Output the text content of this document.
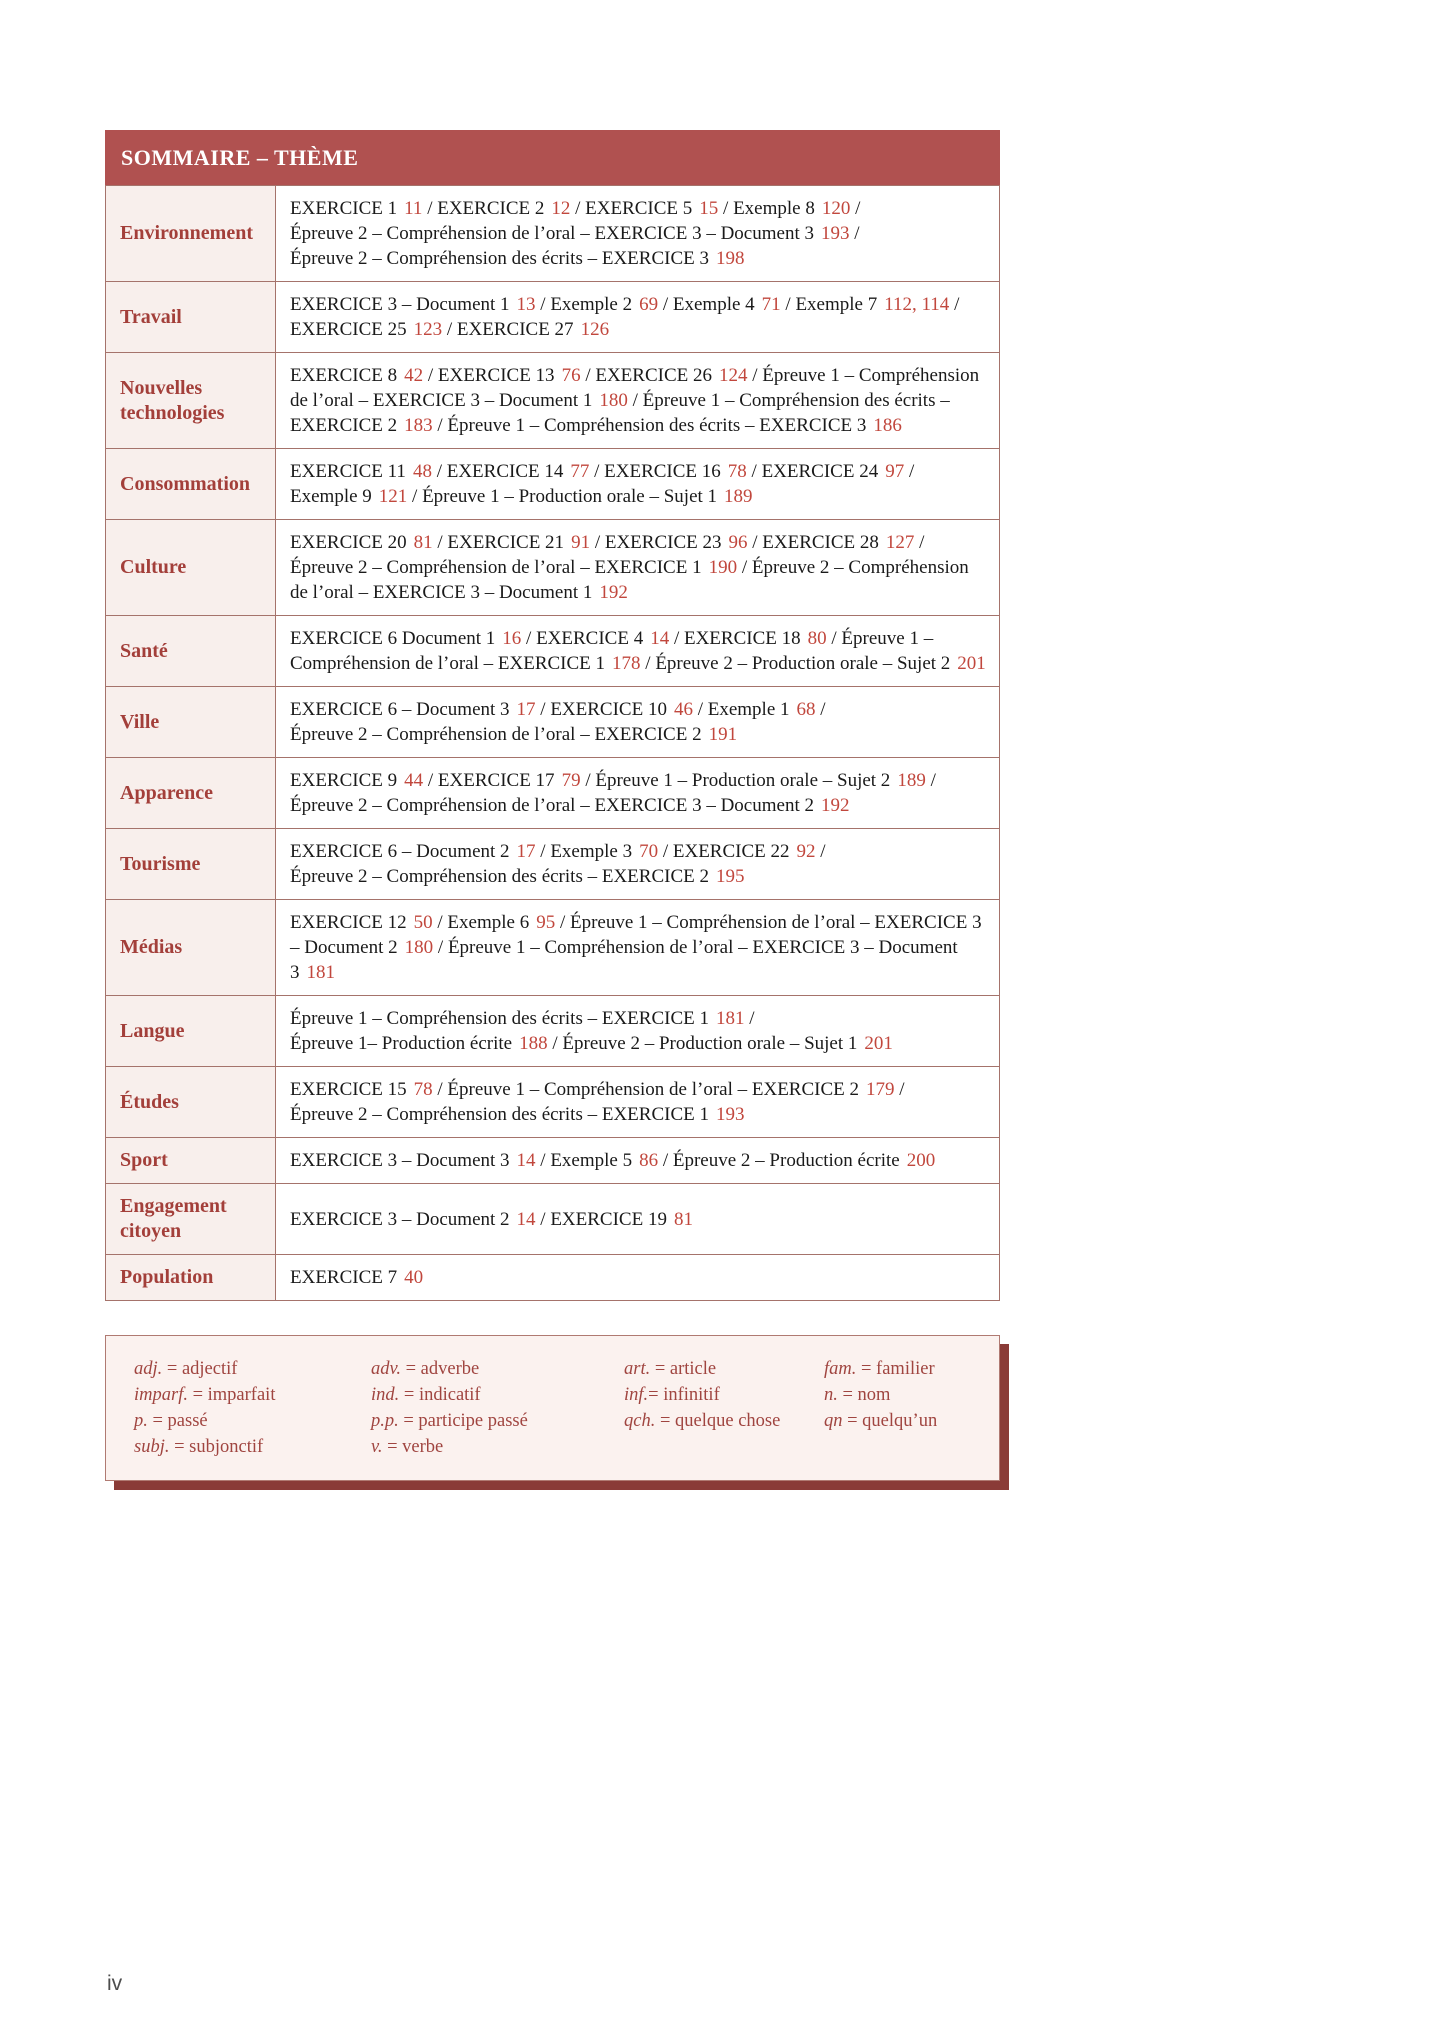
SOMMAIRE – THÈME
Environnement	EXERCICE 1 11 / EXERCICE 2 12 / EXERCICE 5 15 / Exemple 8 120 /
Épreuve 2 – Compréhension de l’oral – EXERCICE 3 – Document 3 193 /
Épreuve 2 – Compréhension des écrits – EXERCICE 3 198
Travail	EXERCICE 3 – Document 1 13 / Exemple 2 69 / Exemple 4 71 / Exemple 7 112, 114 /
EXERCICE 25 123 / EXERCICE 27 126
Nouvelles technologies	EXERCICE 8 42 / EXERCICE 13 76 / EXERCICE 26 124 / Épreuve 1 – Compréhension de l’oral – EXERCICE 3 – Document 1 180 / Épreuve 1 – Compréhension des écrits – EXERCICE 2 183 / Épreuve 1 – Compréhension des écrits – EXERCICE 3 186
Consommation	EXERCICE 11 48 / EXERCICE 14 77 / EXERCICE 16 78 / EXERCICE 24 97 /
Exemple 9 121 / Épreuve 1 – Production orale – Sujet 1 189
Culture	EXERCICE 20 81 / EXERCICE 21 91 / EXERCICE 23 96 / EXERCICE 28 127 /
Épreuve 2 – Compréhension de l’oral – EXERCICE 1 190 / Épreuve 2 – Compréhension de l’oral – EXERCICE 3 – Document 1 192
Santé	EXERCICE 6 Document 1 16 / EXERCICE 4 14 / EXERCICE 18 80 / Épreuve 1 – Compréhension de l’oral – EXERCICE 1 178 / Épreuve 2 – Production orale – Sujet 2 201
Ville	EXERCICE 6 – Document 3 17 / EXERCICE 10 46 / Exemple 1 68 /
Épreuve 2 – Compréhension de l’oral – EXERCICE 2 191
Apparence	EXERCICE 9 44 / EXERCICE 17 79 / Épreuve 1 – Production orale – Sujet 2 189 /
Épreuve 2 – Compréhension de l’oral – EXERCICE 3 – Document 2 192
Tourisme	EXERCICE 6 – Document 2 17 / Exemple 3 70 / EXERCICE 22 92 /
Épreuve 2 – Compréhension des écrits – EXERCICE 2 195
Médias	EXERCICE 12 50 / Exemple 6 95 / Épreuve 1 – Compréhension de l’oral – EXERCICE 3 – Document 2 180 / Épreuve 1 – Compréhension de l’oral – EXERCICE 3 – Document 3 181
Langue	Épreuve 1 – Compréhension des écrits – EXERCICE 1 181 /
Épreuve 1– Production écrite 188 / Épreuve 2 – Production orale – Sujet 1 201
Études	EXERCICE 15 78 / Épreuve 1 – Compréhension de l’oral – EXERCICE 2 179 /
Épreuve 2 – Compréhension des écrits – EXERCICE 1 193
Sport	EXERCICE 3 – Document 3 14 / Exemple 5 86 / Épreuve 2 – Production écrite 200
Engagement citoyen	EXERCICE 3 – Document 2 14 / EXERCICE 19 81
Population	EXERCICE 7 40
adj. = adjectif
imparf. = imparfait
p. = passé
subj. = subjonctif
adv. = adverbe
ind. = indicatif
p.p. = participe passé
v. = verbe
art. = article
inf.= infinitif
qch. = quelque chose
fam. = familier
n. = nom
qn = quelqu’un
iv
